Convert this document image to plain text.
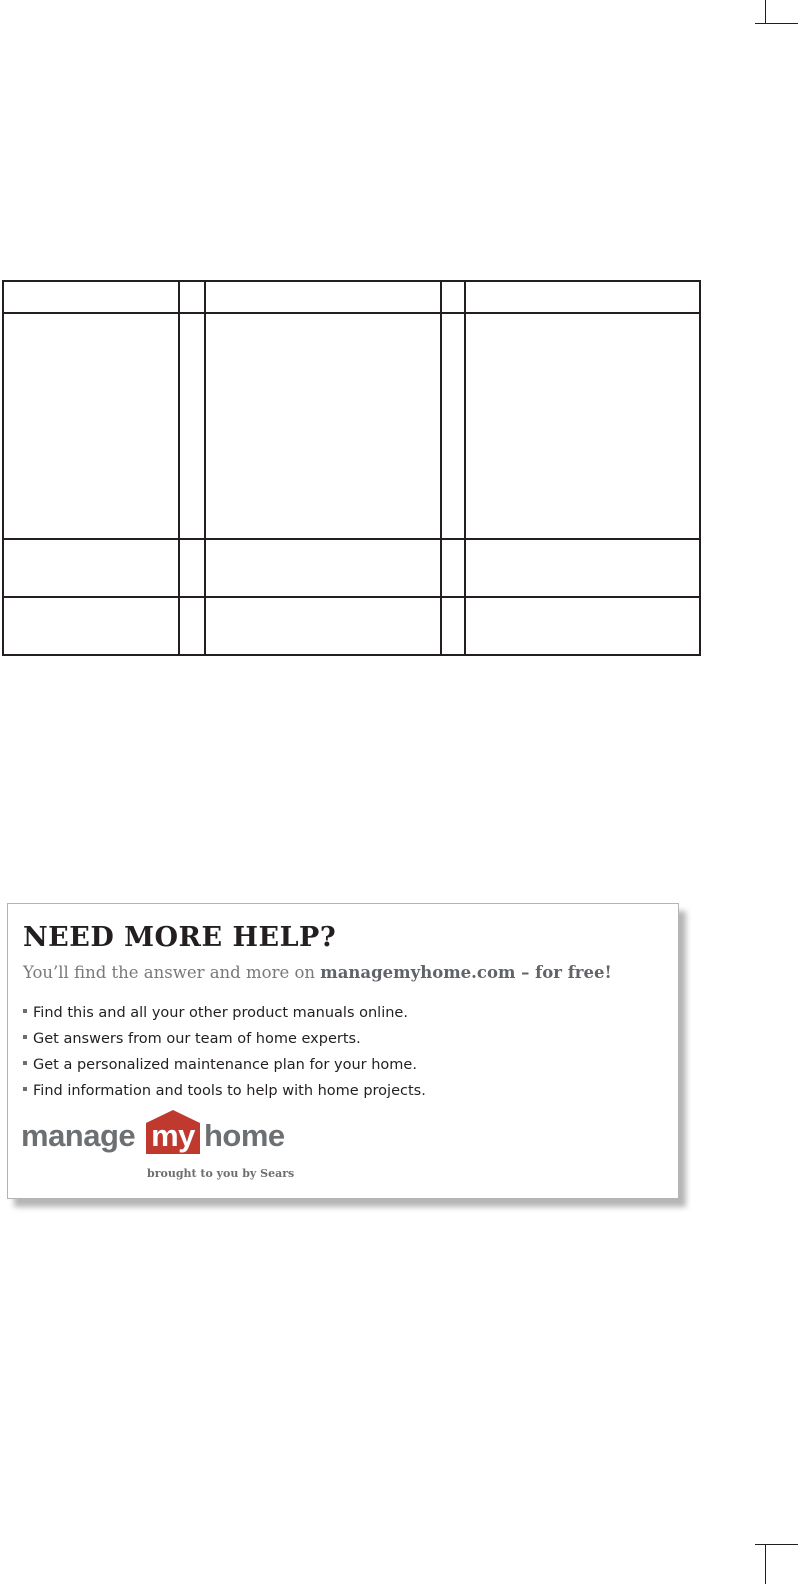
NEED MORE HELP?
You’ll find the answer and more on managemyhome.com – for free!
Find this and all your other product manuals online.
Get answers from our team of home experts.
Get a personalized maintenance plan for your home.
Find information and tools to help with home projects.
manage my home
brought to you by Sears
